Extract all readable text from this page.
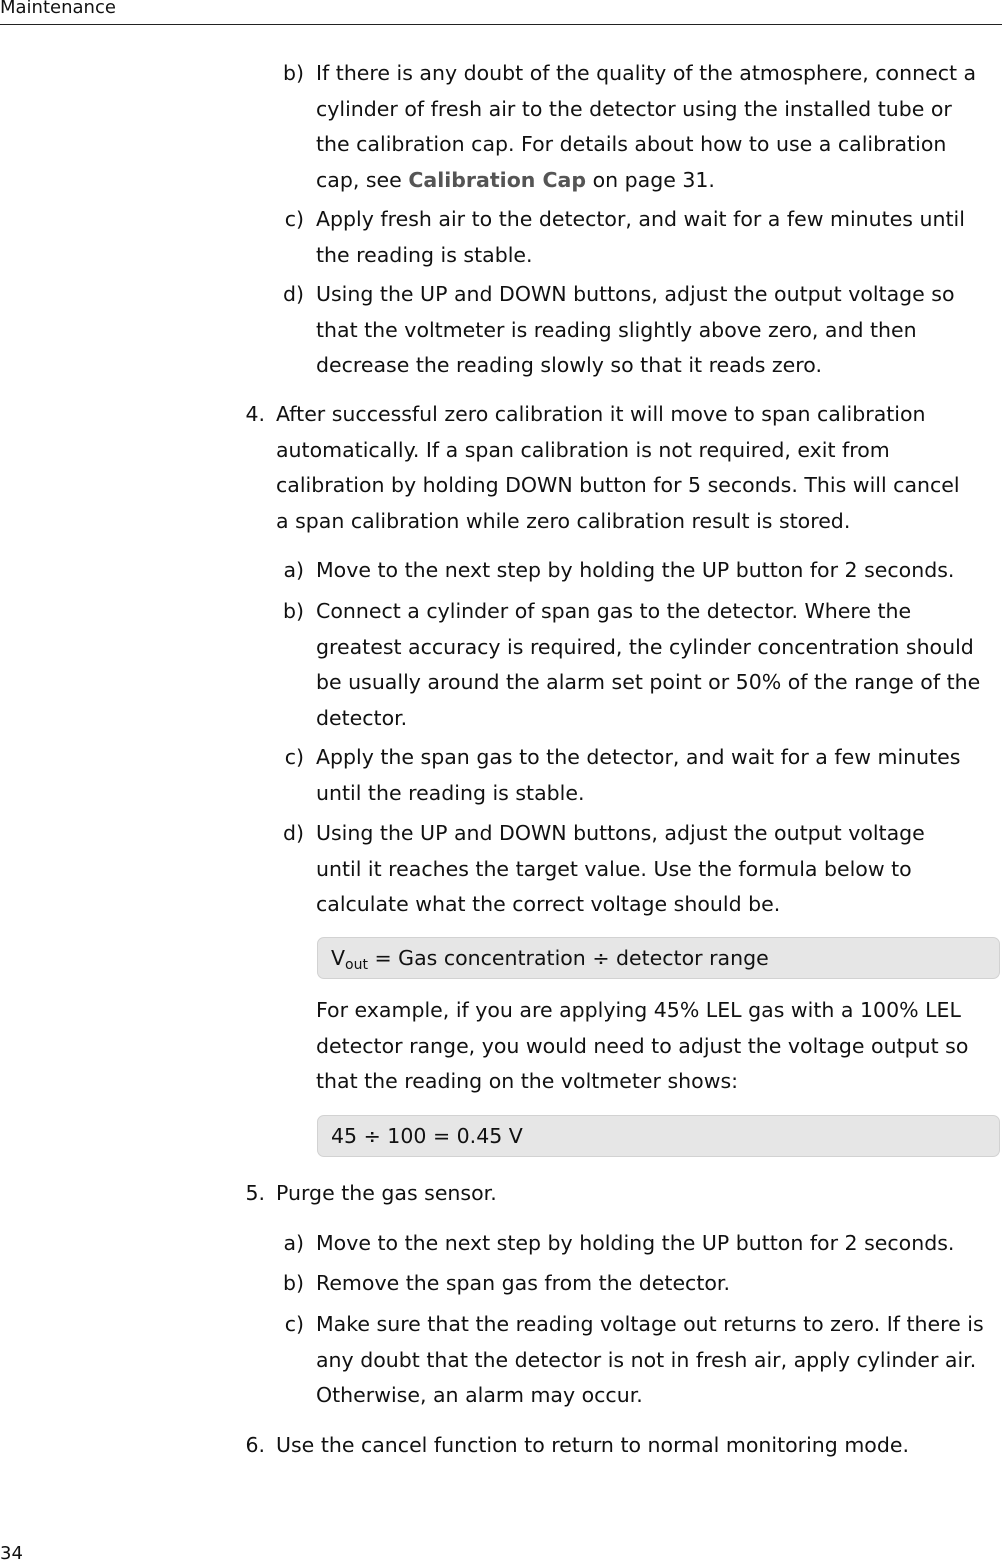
Maintenance
b) If there is any doubt of the quality of the atmosphere, connect a
cylinder of fresh air to the detector using the installed tube or
the calibration cap. For details about how to use a calibration
cap, see Calibration Cap on page 31.
c) Apply fresh air to the detector, and wait for a few minutes until
the reading is stable.
d) Using the UP and DOWN buttons, adjust the output voltage so
that the voltmeter is reading slightly above zero, and then
decrease the reading slowly so that it reads zero.
4. After successful zero calibration it will move to span calibration
automatically. If a span calibration is not required, exit from
calibration by holding DOWN button for 5 seconds. This will cancel
a span calibration while zero calibration result is stored.
a) Move to the next step by holding the UP button for 2 seconds.
b) Connect a cylinder of span gas to the detector. Where the
greatest accuracy is required, the cylinder concentration should
be usually around the alarm set point or 50% of the range of the
detector.
c) Apply the span gas to the detector, and wait for a few minutes
until the reading is stable.
d) Using the UP and DOWN buttons, adjust the output voltage
until it reaches the target value. Use the formula below to
calculate what the correct voltage should be.
$V_{out}$ = Gas concentration ÷ detector range
For example, if you are applying 45% LEL gas with a 100% LEL
detector range, you would need to adjust the voltage output so
that the reading on the voltmeter shows:
45 ÷ 100 = 0.45 V
5. Purge the gas sensor.
a) Move to the next step by holding the UP button for 2 seconds.
b) Remove the span gas from the detector.
c) Make sure that the reading voltage out returns to zero. If there is
any doubt that the detector is not in fresh air, apply cylinder air.
Otherwise, an alarm may occur.
6. Use the cancel function to return to normal monitoring mode.
34
